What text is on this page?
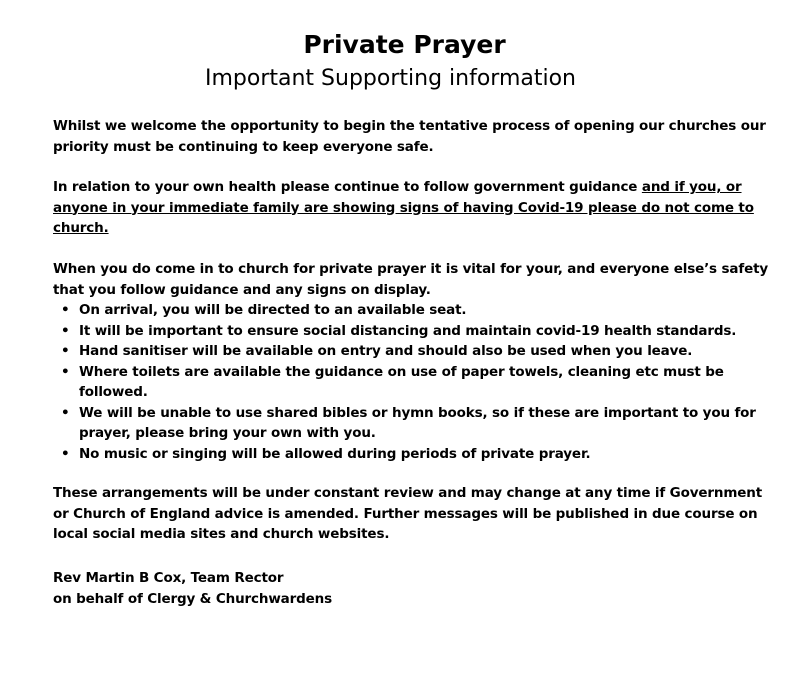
Private Prayer
Important Supporting information

Whilst we welcome the opportunity to begin the tentative process of opening our churches our priority must be continuing to keep everyone safe.

In relation to your own health please continue to follow government guidance and if you, or anyone in your immediate family are showing signs of having Covid-19 please do not come to church.

When you do come in to church for private prayer it is vital for your, and everyone else’s safety that you follow guidance and any signs on display.

• On arrival, you will be directed to an available seat.
• It will be important to ensure social distancing and maintain covid-19 health standards.
• Hand sanitiser will be available on entry and should also be used when you leave.
• Where toilets are available the guidance on use of paper towels, cleaning etc must be followed.
• We will be unable to use shared bibles or hymn books, so if these are important to you for prayer, please bring your own with you.
• No music or singing will be allowed during periods of private prayer.

These arrangements will be under constant review and may change at any time if Government or Church of England advice is amended. Further messages will be published in due course on local social media sites and church websites.

Rev Martin B Cox, Team Rector
on behalf of Clergy & Churchwardens
